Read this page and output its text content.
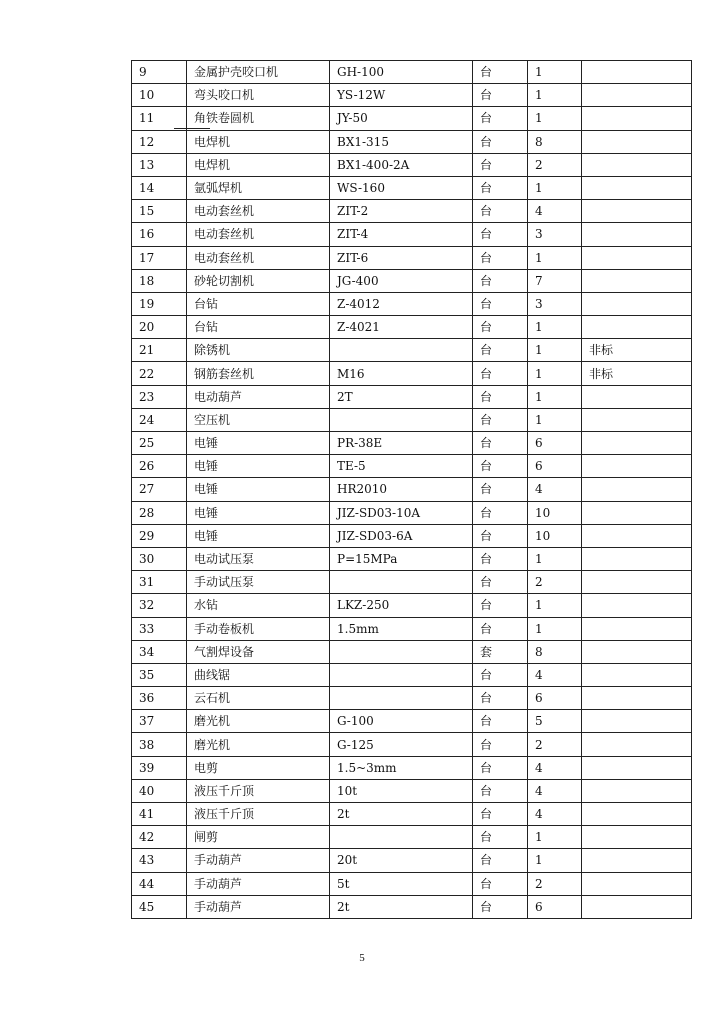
9	金属护壳咬口机	GH-100	台	1	
10	弯头咬口机	YS-12W	台	1	
11	角铁卷圆机	JY-50	台	1	
12	电焊机	BX1-315	台	8	
13	电焊机	BX1-400-2A	台	2	
14	氩弧焊机	WS-160	台	1	
15	电动套丝机	ZIT-2	台	4	
16	电动套丝机	ZIT-4	台	3	
17	电动套丝机	ZIT-6	台	1	
18	砂轮切割机	JG-400	台	7	
19	台钻	Z-4012	台	3	
20	台钻	Z-4021	台	1	
21	除锈机		台	1	非标
22	钢筋套丝机	M16	台	1	非标
23	电动葫芦	2T	台	1	
24	空压机		台	1	
25	电锤	PR-38E	台	6	
26	电锤	TE-5	台	6	
27	电锤	HR2010	台	4	
28	电锤	JIZ-SD03-10A	台	10	
29	电锤	JIZ-SD03-6A	台	10	
30	电动试压泵	P=15MPa	台	1	
31	手动试压泵		台	2	
32	水钻	LKZ-250	台	1	
33	手动卷板机	1.5mm	台	1	
34	气割焊设备		套	8	
35	曲线锯		台	4	
36	云石机		台	6	
37	磨光机	G-100	台	5	
38	磨光机	G-125	台	2	
39	电剪	1.5~3mm	台	4	
40	液压千斤顶	10t	台	4	
41	液压千斤顶	2t	台	4	
42	闸剪		台	1	
43	手动葫芦	20t	台	1	
44	手动葫芦	5t	台	2	
45	手动葫芦	2t	台	6	
5
